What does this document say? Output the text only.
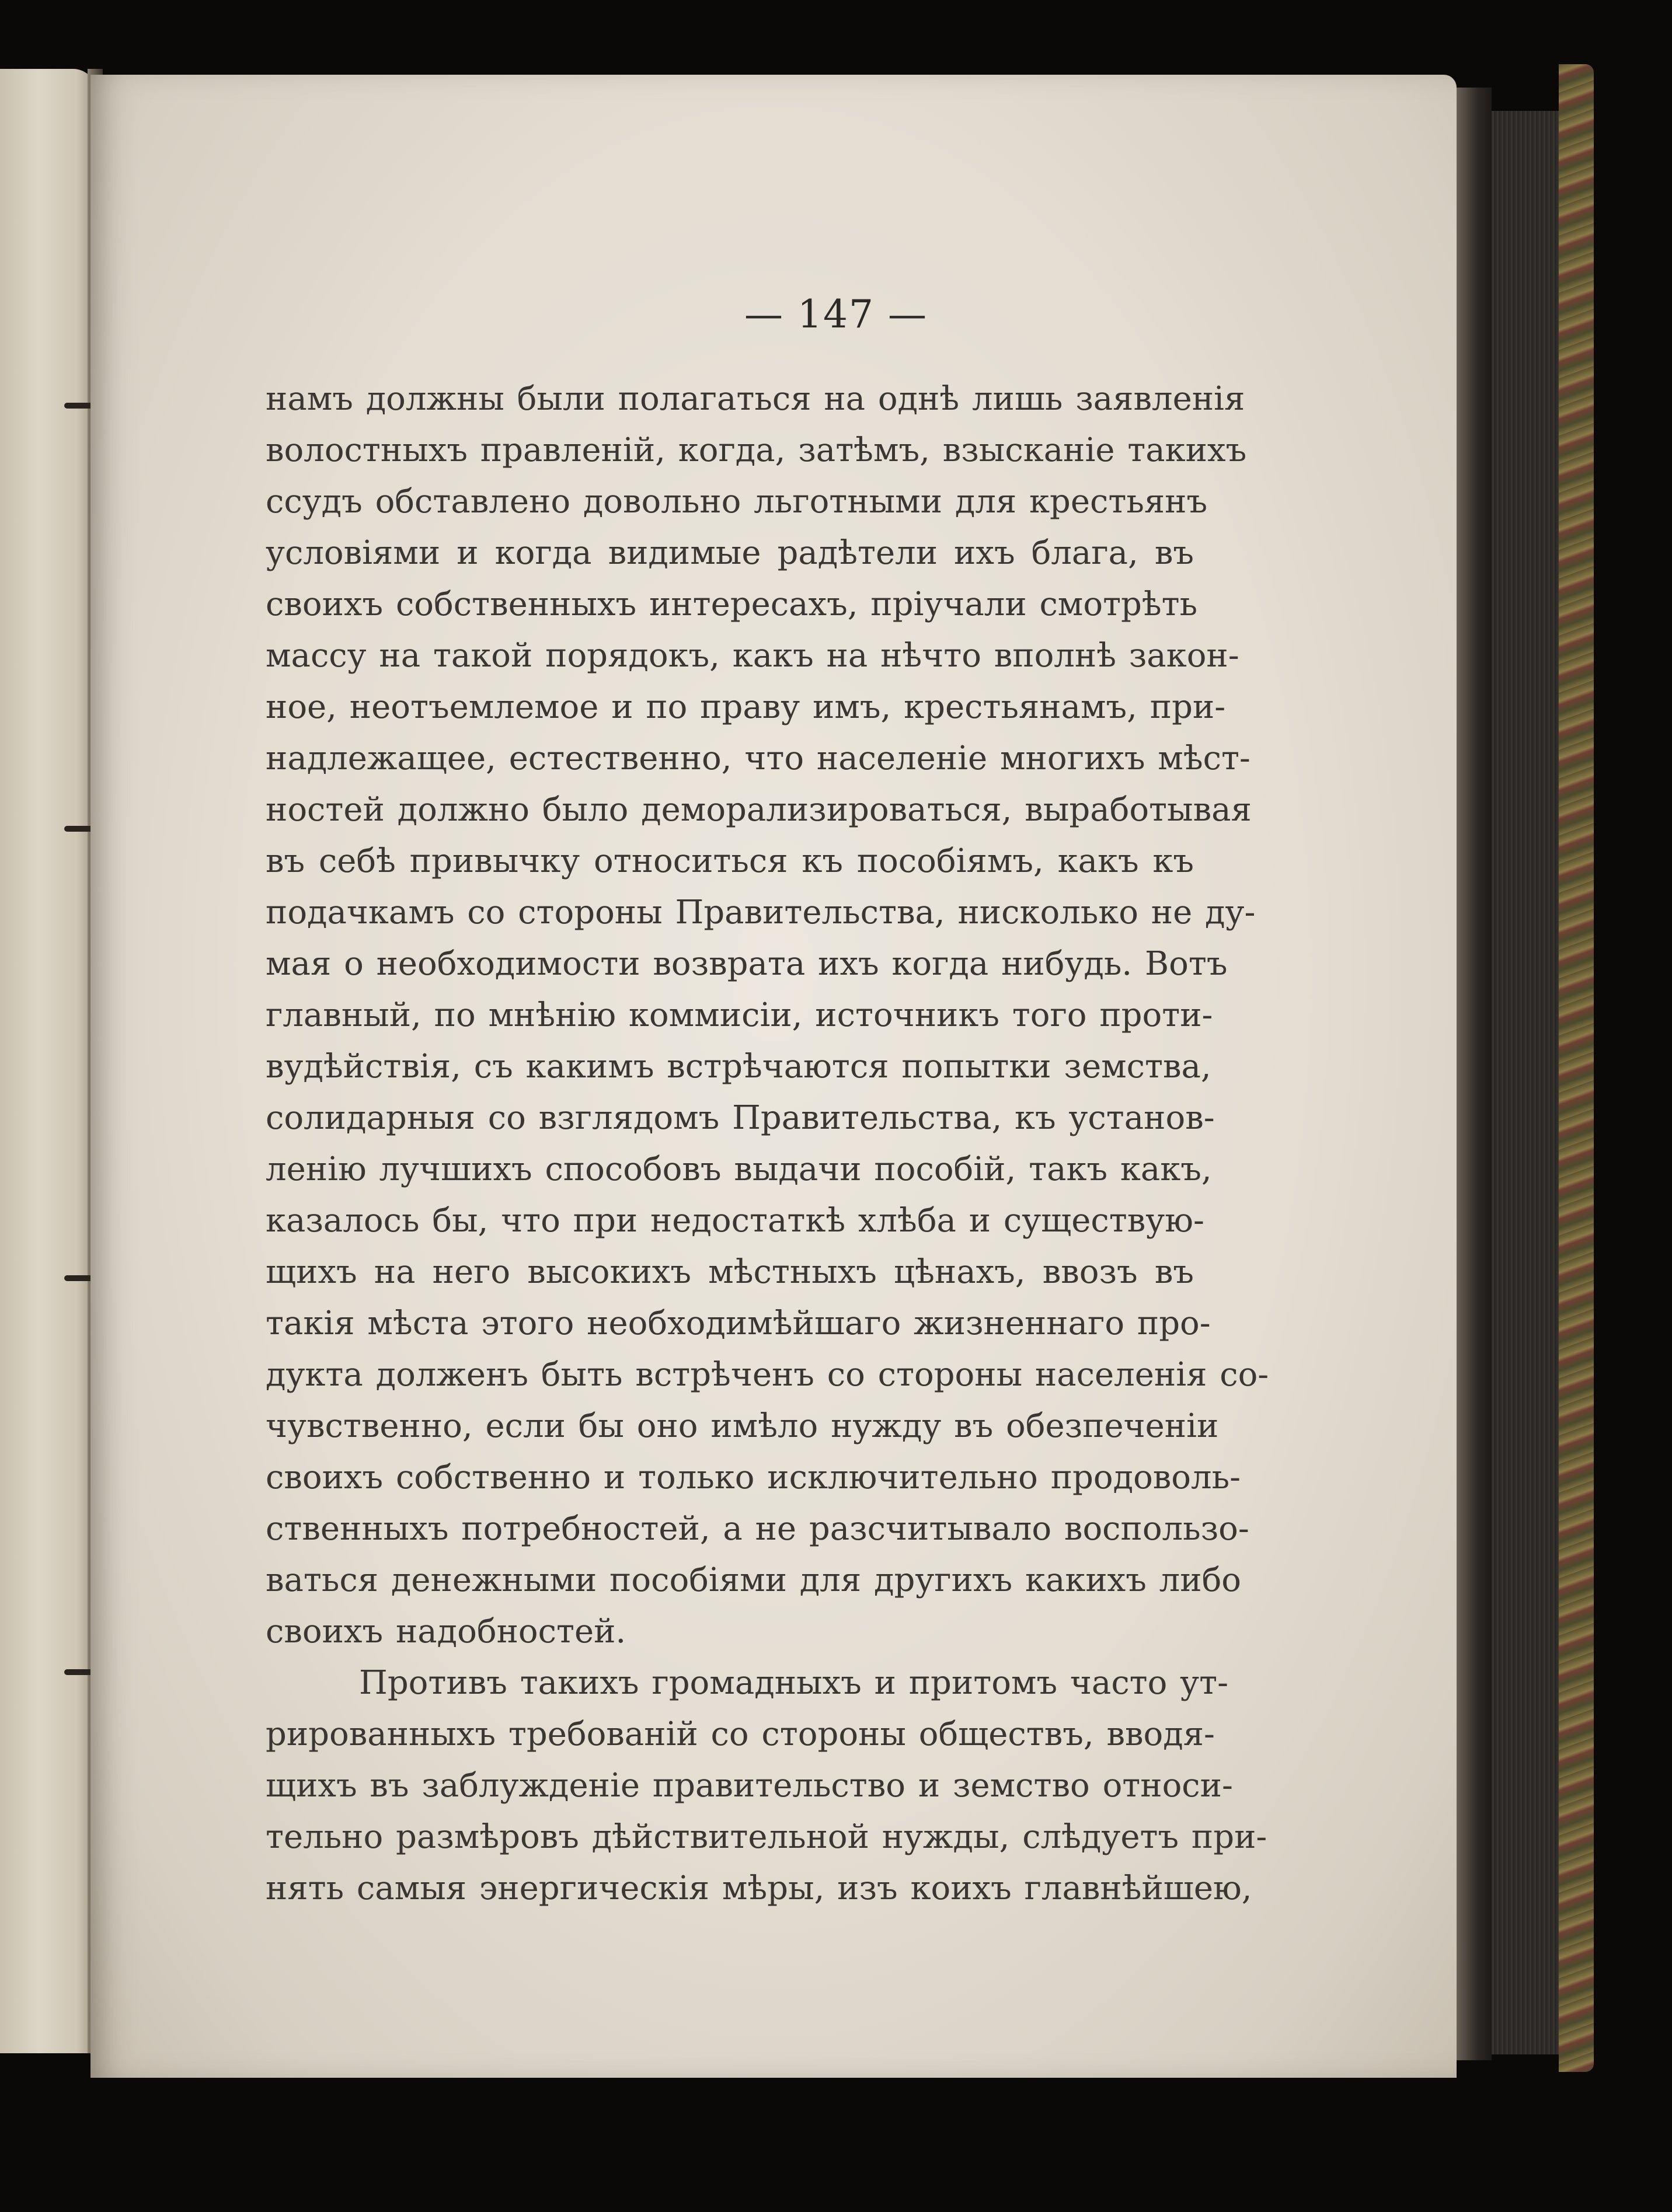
— 147 —
намъ должны были полагаться на однѣ лишь заявленія
волостныхъ правленій, когда, затѣмъ, взысканіе такихъ
ссудъ обставлено довольно льготными для крестьянъ
условіями и когда видимые радѣтели ихъ блага, въ
своихъ собственныхъ интересахъ, пріучали смотрѣть
массу на такой порядокъ, какъ на нѣчто вполнѣ закон-
ное, неотъемлемое и по праву имъ, крестьянамъ, при-
надлежащее, естественно, что населеніе многихъ мѣст-
ностей должно было деморализироваться, выработывая
въ себѣ привычку относиться къ пособіямъ, какъ къ
подачкамъ со стороны Правительства, нисколько не ду-
мая о необходимости возврата ихъ когда нибудь. Вотъ
главный, по мнѣнію коммисіи, источникъ того проти-
вудѣйствія, съ какимъ встрѣчаются попытки земства,
солидарныя со взглядомъ Правительства, къ установ-
ленію лучшихъ способовъ выдачи пособій, такъ какъ,
казалось бы, что при недостаткѣ хлѣба и существую-
щихъ на него высокихъ мѣстныхъ цѣнахъ, ввозъ въ
такія мѣста этого необходимѣйшаго жизненнаго про-
дукта долженъ быть встрѣченъ со стороны населенія со-
чувственно, если бы оно имѣло нужду въ обезпеченіи
своихъ собственно и только исключительно продоволь-
ственныхъ потребностей, а не разсчитывало воспользо-
ваться денежными пособіями для другихъ какихъ либо
своихъ надобностей.
Противъ такихъ громадныхъ и притомъ часто ут-
рированныхъ требованій со стороны обществъ, вводя-
щихъ въ заблужденіе правительство и земство относи-
тельно размѣровъ дѣйствительной нужды, слѣдуетъ при-
нять самыя энергическія мѣры, изъ коихъ главнѣйшею,
